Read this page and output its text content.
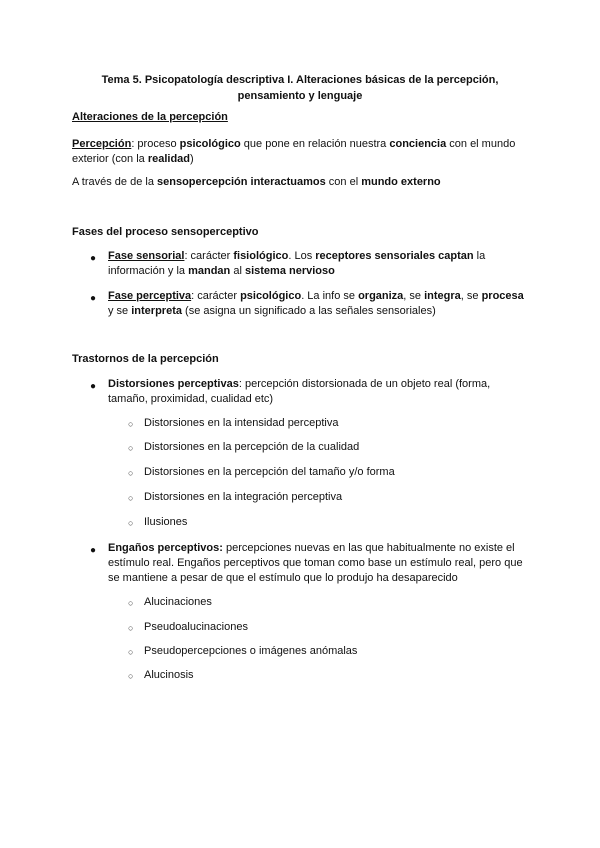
Tema 5. Psicopatología descriptiva I. Alteraciones básicas de la percepción,
pensamiento y lenguaje
Alteraciones de la percepción
Percepción: proceso psicológico que pone en relación nuestra conciencia con el mundo exterior (con la realidad)
A través de de la sensopercepción interactuamos con el mundo externo
Fases del proceso sensoperceptivo
●	Fase sensorial: carácter fisiológico. Los receptores sensoriales captan la información y la mandan al sistema nervioso
●	Fase perceptiva: carácter psicológico. La info se organiza, se integra, se procesa y se interpreta (se asigna un significado a las señales sensoriales)
Trastornos de la percepción
●	Distorsiones perceptivas: percepción distorsionada de un objeto real (forma, tamaño, proximidad, cualidad etc)
○ Distorsiones en la intensidad perceptiva
○ Distorsiones en la percepción de la cualidad
○ Distorsiones en la percepción del tamaño y/o forma
○ Distorsiones en la integración perceptiva
○ Ilusiones
●	Engaños perceptivos: percepciones nuevas en las que habitualmente no existe el estímulo real. Engaños perceptivos que toman como base un estímulo real, pero que se mantiene a pesar de que el estímulo que lo produjo ha desaparecido
○ Alucinaciones
○ Pseudoalucinaciones
○ Pseudopercepciones o imágenes anómalas
○ Alucinosis
